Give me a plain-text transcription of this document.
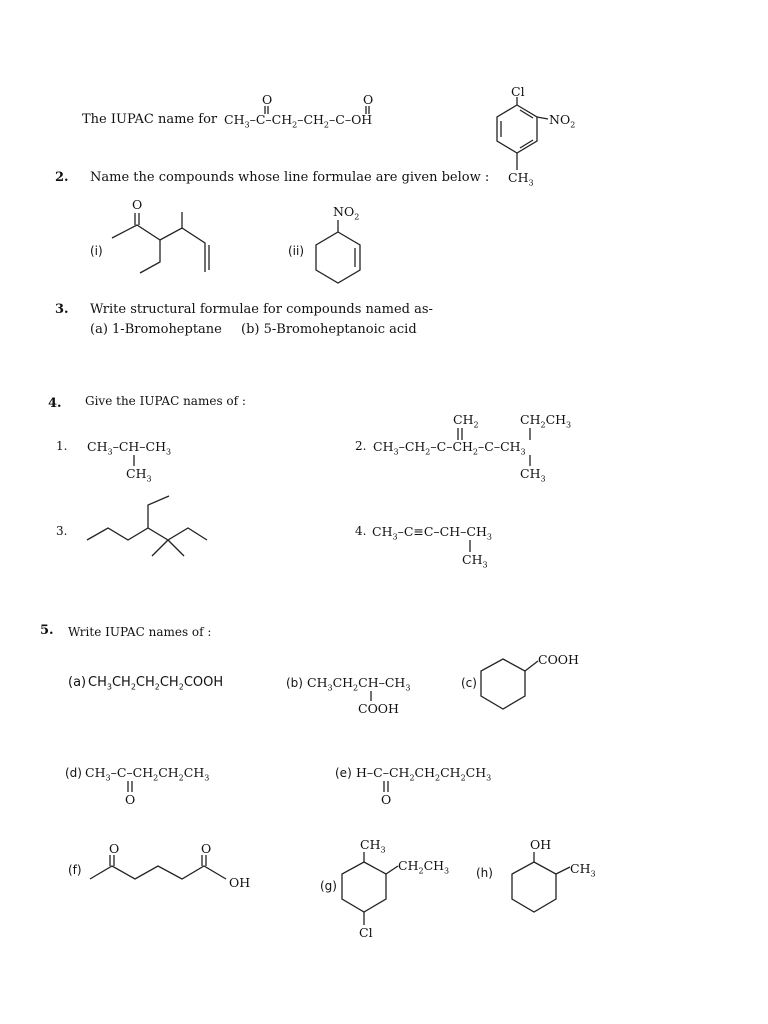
The IUPAC name for $CH_3-C-CH_2-CH_2-C-OH$
O	O
Cl
$NO_2$
$CH_3$
2. Name the compounds whose line formulae are given below :
(i)	(ii)
O	$NO_2$
3. Write structural formulae for compounds named as-
(a) 1-Bromoheptane (b) 5-Bromoheptanoic acid
4. Give the IUPAC names of :
1. $CH_3-CH-CH_3$
$CH_3$
2. $CH_3-CH_2-C-CH_2-C-CH_3$
$CH_2$	$CH_2CH_3$
$CH_3$
3.	4. $CH_3-C\equiv C-CH-CH_3$
$CH_3$
5. Write IUPAC names of :
(a) $CH_3CH_2CH_2CH_2COOH$	(b) $CH_3CH_2CH-CH_3$
COOH
(c)
COOH
(d) $CH_3-C-CH_2CH_2CH_3$
O
(e) $H-C-CH_2CH_2CH_2CH_3$
O
(f)
O	O
OH	(g)
$CH_3$
$CH_2CH_3$
Cl
(h)
OH
$CH_3$
